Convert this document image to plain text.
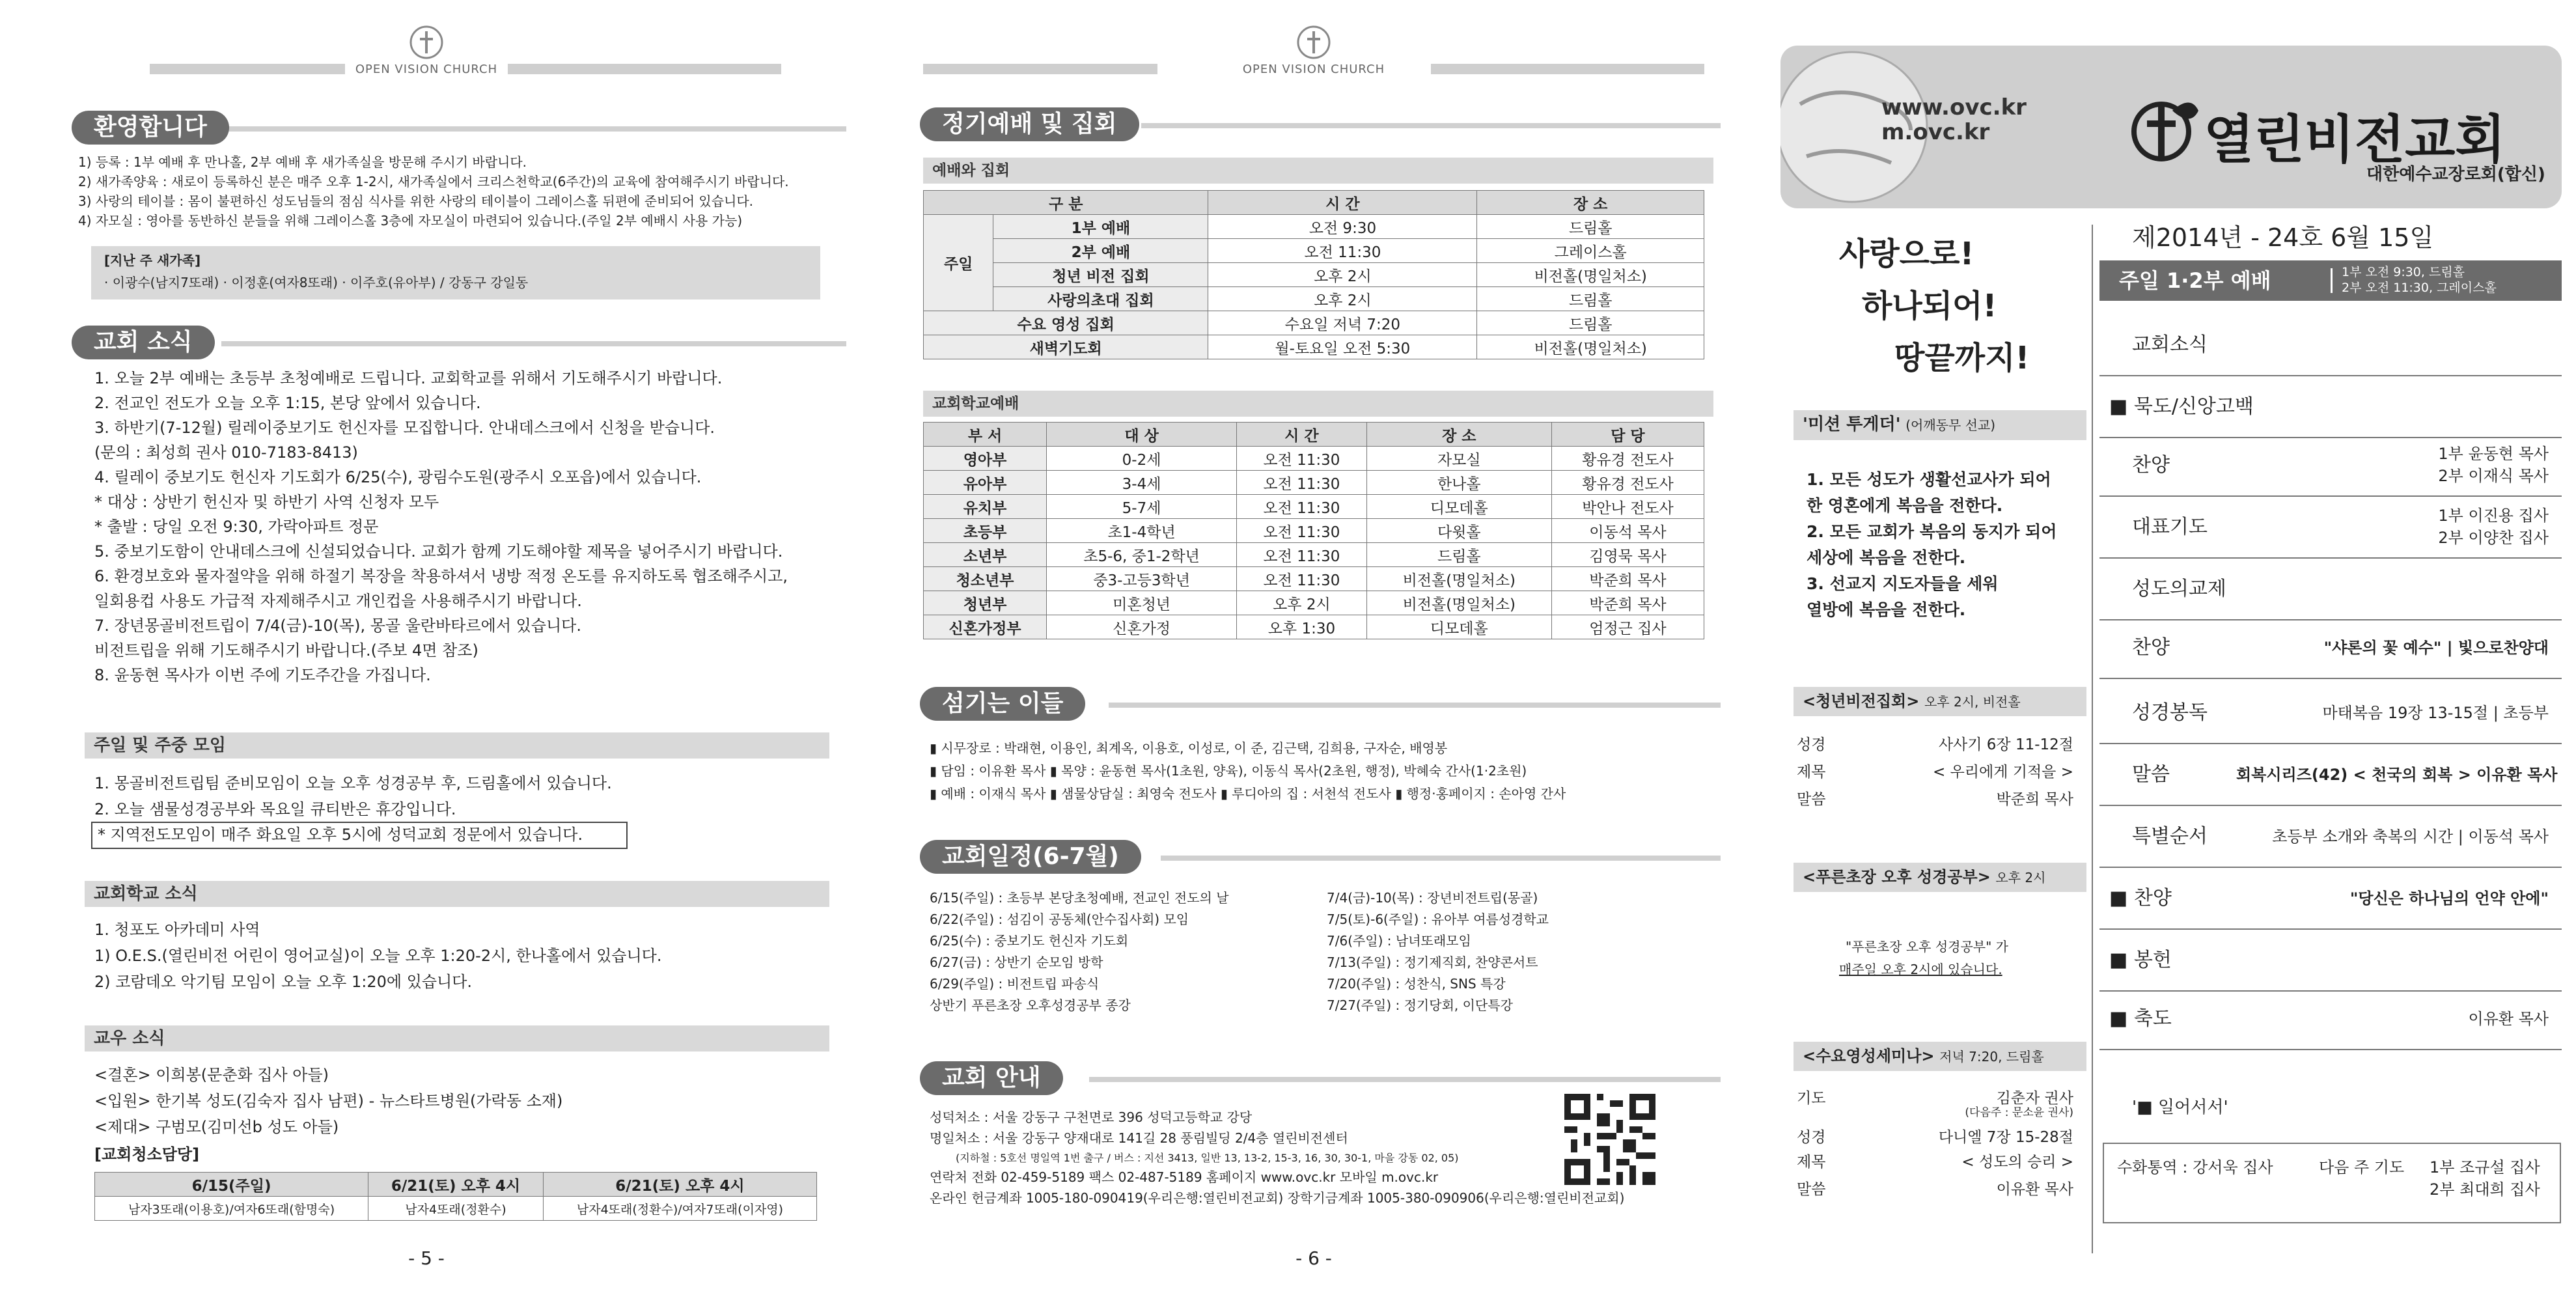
OPEN VISION CHURCH
환영합니다
1) 등록 : 1부 예배 후 만나홀, 2부 예배 후 새가족실을 방문해 주시기 바랍니다.
2) 새가족양육 : 새로이 등록하신 분은 매주 오후 1-2시, 새가족실에서 크리스천학교(6주간)의 교육에 참여해주시기 바랍니다.
3) 사랑의 테이블 : 몸이 불편하신 성도님들의 점심 식사를 위한 사랑의 테이블이 그레이스홀 뒤편에 준비되어 있습니다.
4) 자모실 : 영아를 동반하신 분들을 위해 그레이스홀 3층에 자모실이 마련되어 있습니다.(주일 2부 예배시 사용 가능)
[지난 주 새가족]
· 이광수(남지7또래) · 이정훈(여자8또래) · 이주호(유아부) / 강동구 강일동
교회 소식
1. 오늘 2부 예배는 초등부 초청예배로 드립니다. 교회학교를 위해서 기도해주시기 바랍니다.
2. 전교인 전도가 오늘 오후 1:15, 본당 앞에서 있습니다.
3. 하반기(7-12월) 릴레이중보기도 헌신자를 모집합니다. 안내데스크에서 신청을 받습니다.
(문의 : 최성희 권사 010-7183-8413)
4. 릴레이 중보기도 헌신자 기도회가 6/25(수), 광림수도원(광주시 오포읍)에서 있습니다.
* 대상 : 상반기 헌신자 및 하반기 사역 신청자 모두
* 출발 : 당일 오전 9:30, 가락아파트 정문
5. 중보기도함이 안내데스크에 신설되었습니다. 교회가 함께 기도해야할 제목을 넣어주시기 바랍니다.
6. 환경보호와 물자절약을 위해 하절기 복장을 착용하셔서 냉방 적정 온도를 유지하도록 협조해주시고,
일회용컵 사용도 가급적 자제해주시고 개인컵을 사용해주시기 바랍니다.
7. 장년몽골비전트립이 7/4(금)-10(목), 몽골 울란바타르에서 있습니다.
비전트립을 위해 기도해주시기 바랍니다.(주보 4면 참조)
8. 윤동현 목사가 이번 주에 기도주간을 가집니다.
주일 및 주중 모임
1. 몽골비전트립팀 준비모임이 오늘 오후 성경공부 후, 드림홀에서 있습니다.
2. 오늘 샘물성경공부와 목요일 큐티반은 휴강입니다.
* 지역전도모임이 매주 화요일 오후 5시에 성덕교회 정문에서 있습니다.
교회학교 소식
1. 청포도 아카데미 사역
1) O.E.S.(열린비전 어린이 영어교실)이 오늘 오후 1:20-2시, 한나홀에서 있습니다.
2) 코람데오 악기팀 모임이 오늘 오후 1:20에 있습니다.
교우 소식
<결혼> 이희봉(문춘화 집사 아들)
<입원> 한기복 성도(김숙자 집사 남편) - 뉴스타트병원(가락동 소재)
<제대> 구범모(김미선b 성도 아들)
[교회청소담당]
6/15(주일)	6/21(토) 오후 4시	6/21(토) 오후 4시
남자3또래(이용호)/여자6또래(함명숙)	남자4또래(정환수)	남자4또래(정환수)/여자7또래(이자영)
- 5 -
OPEN VISION CHURCH
정기예배 및 집회
예배와 집회
구 분		시 간	장 소
주일	1부 예배	오전 9:30	드림홀
	2부 예배	오전 11:30	그레이스홀
	청년 비전 집회	오후 2시	비전홀(명일처소)
	사랑의초대 집회	오후 2시	드림홀
수요 영성 집회		수요일 저녁 7:20	드림홀
새벽기도회		월-토요일 오전 5:30	비전홀(명일처소)
교회학교예배
부 서	대 상	시 간	장 소	담 당
영아부	0-2세	오전 11:30	자모실	황유경 전도사
유아부	3-4세	오전 11:30	한나홀	황유경 전도사
유치부	5-7세	오전 11:30	디모데홀	박안나 전도사
초등부	초1-4학년	오전 11:30	다윗홀	이동석 목사
소년부	초5-6, 중1-2학년	오전 11:30	드림홀	김영묵 목사
청소년부	중3-고등3학년	오전 11:30	비전홀(명일처소)	박준희 목사
청년부	미혼청년	오후 2시	비전홀(명일처소)	박준희 목사
신혼가정부	신혼가정	오후 1:30	디모데홀	엄정근 집사
섬기는 이들
▮ 시무장로 : 박래현, 이용인, 최계옥, 이용호, 이성로, 이 준, 김근택, 김희용, 구자순, 배영봉
▮ 담임 : 이유환 목사 ▮ 목양 : 윤동현 목사(1초원, 양육), 이동식 목사(2초원, 행정), 박혜숙 간사(1·2초원)
▮ 예배 : 이재식 목사 ▮ 샘물상담실 : 최영숙 전도사 ▮ 루디아의 집 : 서천석 전도사 ▮ 행정·홍페이지 : 손아영 간사
교회일정(6-7월)
6/15(주일) : 초등부 본당초청예배, 전교인 전도의 날
6/22(주일) : 섬김이 공동체(안수집사회) 모임
6/25(수) : 중보기도 헌신자 기도회
6/27(금) : 상반기 순모임 방학
6/29(주일) : 비전트립 파송식
상반기 푸른초장 오후성경공부 종강
7/4(금)-10(목) : 장년비전트립(몽골)
7/5(토)-6(주일) : 유아부 여름성경학교
7/6(주일) : 남녀또래모임
7/13(주일) : 정기제직회, 찬양콘서트
7/20(주일) : 성찬식, SNS 특강
7/27(주일) : 정기당회, 이단특강
교회 안내
성덕처소 : 서울 강동구 구천면로 396 성덕고등학교 강당
명일처소 : 서울 강동구 양재대로 141길 28 풍림빌딩 2/4층 열린비전센터
(지하철 : 5호선 명일역 1번 출구 / 버스 : 지선 3413, 일반 13, 13-2, 15-3, 16, 30, 30-1, 마을 강동 02, 05)
연락처 전화 02-459-5189 팩스 02-487-5189 홈페이지 www.ovc.kr 모바일 m.ovc.kr
온라인 헌금계좌 1005-180-090419(우리은행:열린비전교회) 장학기금계좌 1005-380-090906(우리은행:열린비전교회)
- 6 -
www.ovc.kr
m.ovc.kr	열린비전교회
대한예수교장로회(합신)
사랑으로!
하나되어!
땅끝까지!
'미션 투게더' (어깨동무 선교)
1. 모든 성도가 생활선교사가 되어
한 영혼에게 복음을 전한다.
2. 모든 교회가 복음의 동지가 되어
세상에 복음을 전한다.
3. 선교지 지도자들을 세워
열방에 복음을 전한다.
<청년비전집회> 오후 2시, 비전홀
성경	사사기 6장 11-12절
제목	< 우리에게 기적을 >
말씀	박준희 목사
<푸른초장 오후 성경공부> 오후 2시
"푸른초장 오후 성경공부" 가
매주일 오후 2시에 있습니다.
<수요영성세미나> 저녁 7:20, 드림홀
기도	김춘자 권사
(다음주 : 문소윤 권사)
성경	다니엘 7장 15-28절
제목	< 성도의 승리 >
말씀	이유환 목사
제2014년 - 24호 6월 15일
주일 1·2부 예배	1부 오전 9:30, 드림홀
2부 오전 11:30, 그레이스홀
교회소식
■ 묵도/신앙고백
찬양	1부 윤동현 목사
2부 이재식 목사
대표기도	1부 이진용 집사
2부 이양찬 집사
성도의교제
찬양	"샤론의 꽃 예수" | 빛으로찬양대
성경봉독	마태복음 19장 13-15절 | 초등부
말씀	회복시리즈(42) < 천국의 회복 > 이유환 목사
특별순서	초등부 소개와 축복의 시간 | 이동석 목사
■ 찬양	"당신은 하나님의 언약 안에"
■ 봉헌
■ 축도	이유환 목사
'■ 일어서서'
수화통역 : 강서욱 집사	다음 주 기도 1부 조규설 집사
2부 최대희 집사
